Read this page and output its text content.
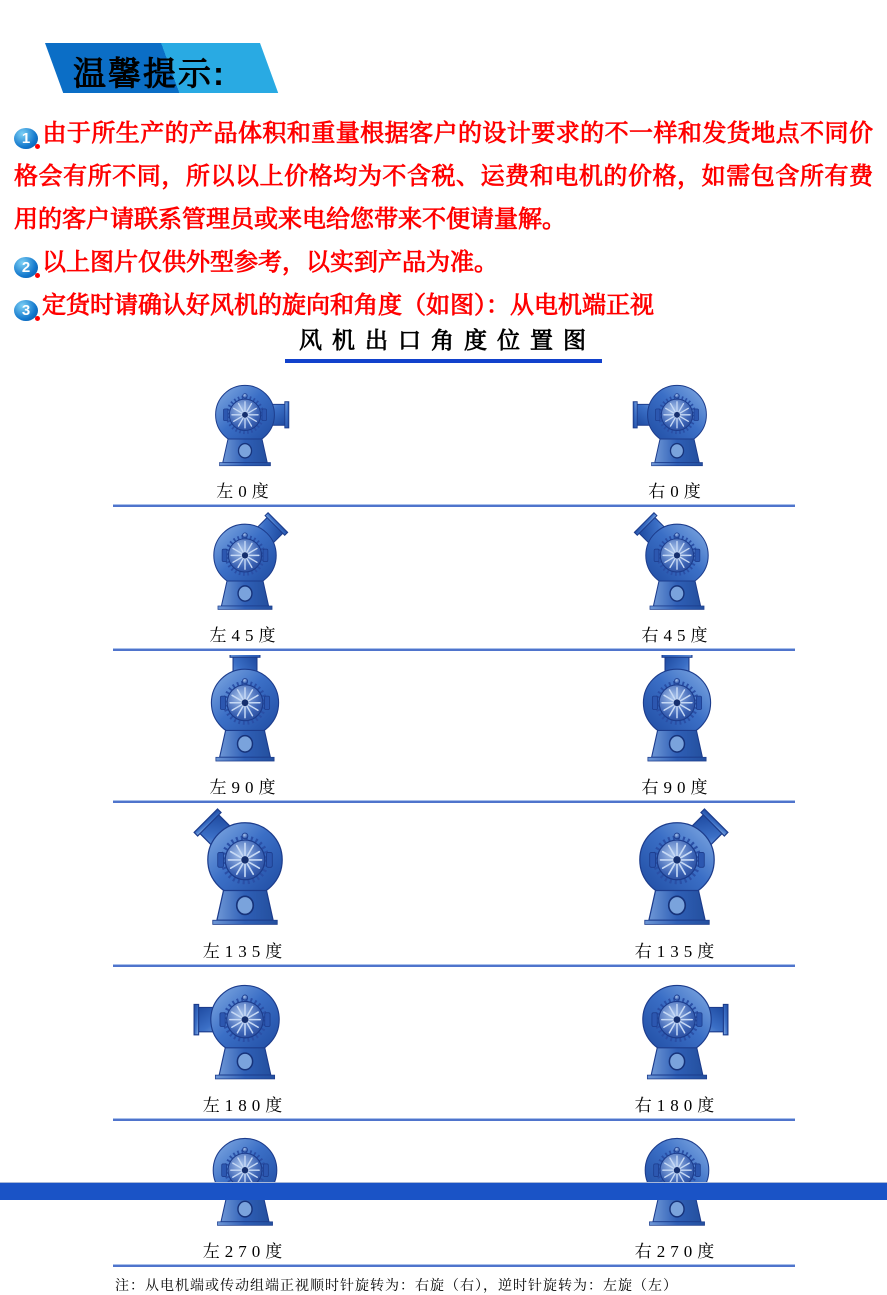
温馨提示:
1 由于所生产的产品体积和重量根据客户的设计要求的不一样和发货地点不同价格会有所不同，所以以上价格均为不含税、运费和电机的价格，如需包含所有费用的客户请联系管理员或来电给您带来不便请量解。
2 以上图片仅供外型参考，以实到产品为准。
3 定货时请确认好风机的旋向和角度（如图）：从电机端正视
风机出口角度位置图
左0度	右0度
左45度	右45度
左90度	右90度
左135度	右135度
左180度	右180度
左270度	右270度
注：从电机端或传动组端正视顺时针旋转为：右旋（右），逆时针旋转为：左旋（左）
